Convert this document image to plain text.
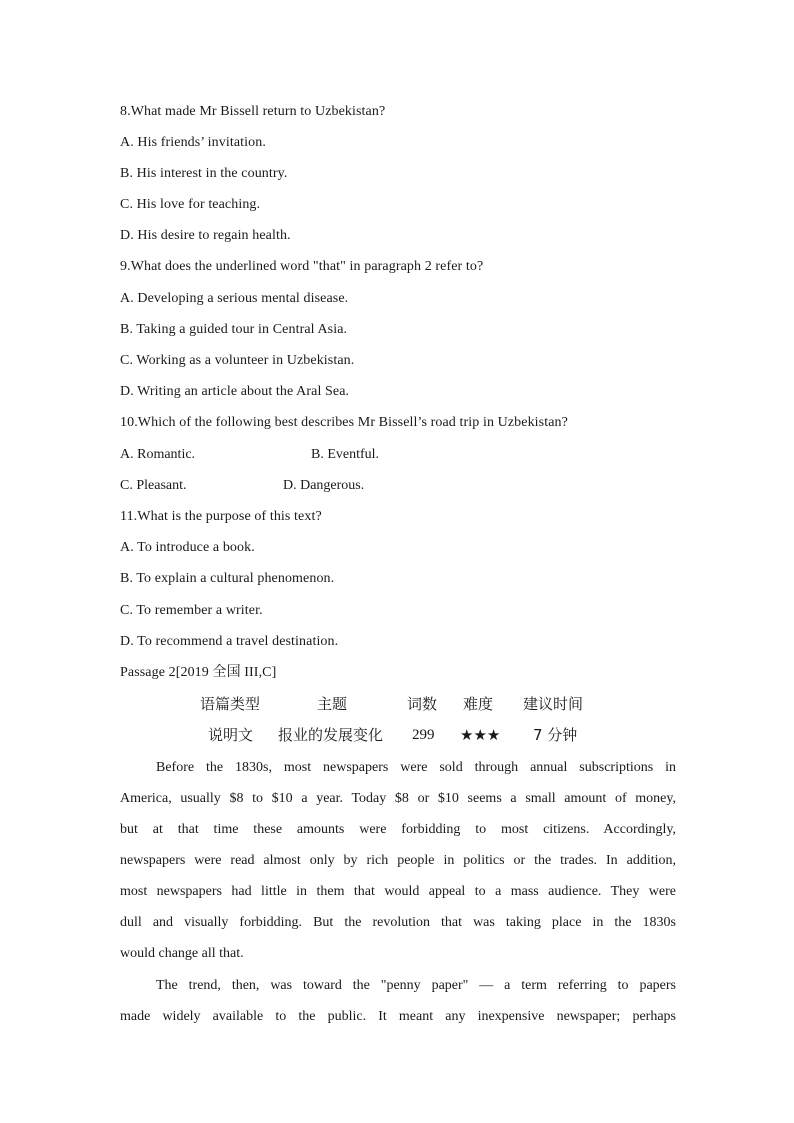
8.What made Mr Bissell return to Uzbekistan?
A. His friends’ invitation.
B. His interest in the country.
C. His love for teaching.
D. His desire to regain health.
9.What does the underlined word "that" in paragraph 2 refer to?
A. Developing a serious mental disease.
B. Taking a guided tour in Central Asia.
C. Working as a volunteer in Uzbekistan.
D. Writing an article about the Aral Sea.
10.Which of the following best describes Mr Bissell’s road trip in Uzbekistan?
A. Romantic.	B. Eventful.
C. Pleasant.	D. Dangerous.
11.What is the purpose of this text?
A. To introduce a book.
B. To explain a cultural phenomenon.
C. To remember a writer.
D. To recommend a travel destination.
Passage 2[2019 全国 III,C]
语篇类型	主题	词数 难度 建议时间
说明文 报业的发展变化 299 ★★★ 7 分钟
Before the 1830s, most newspapers were sold through annual subscriptions in
America, usually $8 to $10 a year. Today $8 or $10 seems a small amount of money,
but at that time these amounts were forbidding to most citizens. Accordingly,
newspapers were read almost only by rich people in politics or the trades. In addition,
most newspapers had little in them that would appeal to a mass audience. They were
dull and visually forbidding. But the revolution that was taking place in the 1830s
would change all that.
The trend, then, was toward the "penny paper" — a term referring to papers
made widely available to the public. It meant any inexpensive newspaper; perhaps
